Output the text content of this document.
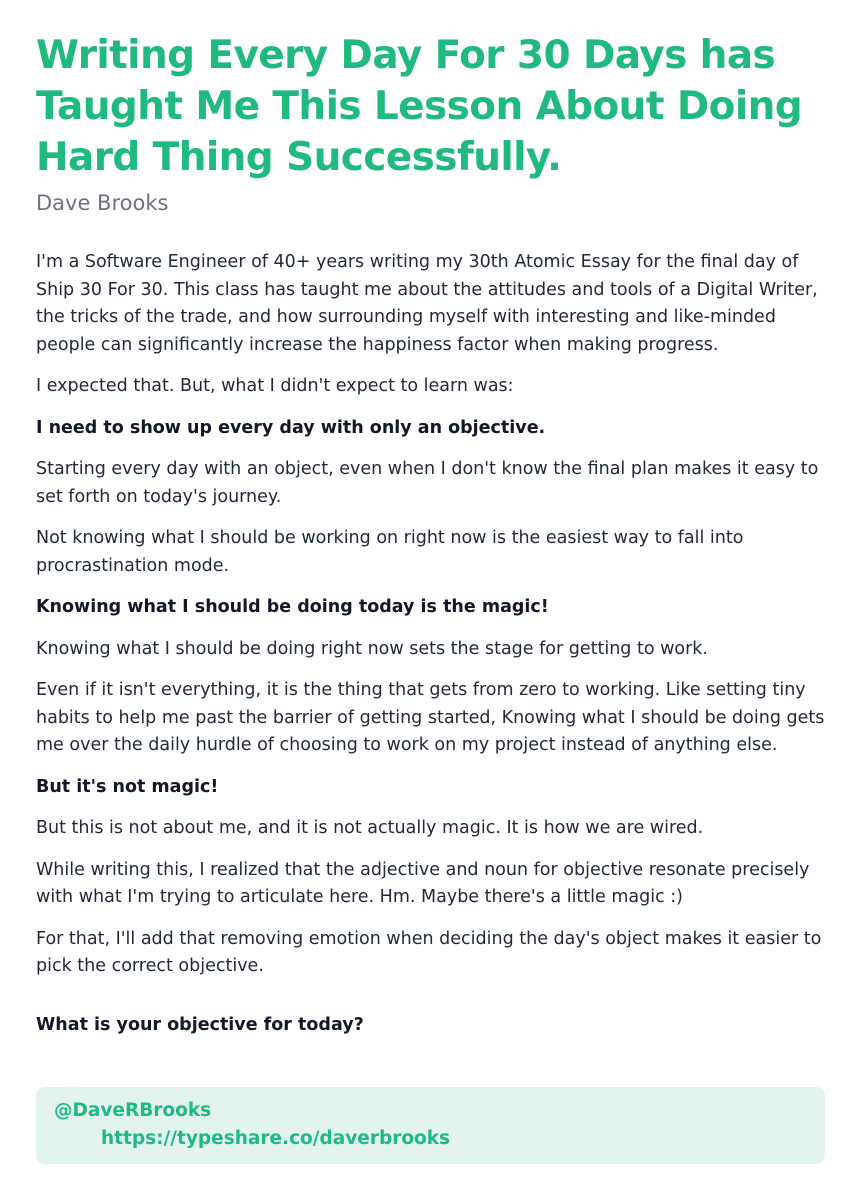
Writing Every Day For 30 Days has Taught Me This Lesson About Doing Hard Thing Successfully.
Dave Brooks

I'm a Software Engineer of 40+ years writing my 30th Atomic Essay for the final day of Ship 30 For 30. This class has taught me about the attitudes and tools of a Digital Writer, the tricks of the trade, and how surrounding myself with interesting and like-minded people can significantly increase the happiness factor when making progress.

I expected that. But, what I didn't expect to learn was:

I need to show up every day with only an objective.

Starting every day with an object, even when I don't know the final plan makes it easy to set forth on today's journey.

Not knowing what I should be working on right now is the easiest way to fall into procrastination mode.

Knowing what I should be doing today is the magic!

Knowing what I should be doing right now sets the stage for getting to work.

Even if it isn't everything, it is the thing that gets from zero to working. Like setting tiny habits to help me past the barrier of getting started, Knowing what I should be doing gets me over the daily hurdle of choosing to work on my project instead of anything else.

But it's not magic!

But this is not about me, and it is not actually magic. It is how we are wired.

While writing this, I realized that the adjective and noun for objective resonate precisely with what I'm trying to articulate here. Hm. Maybe there's a little magic :)

For that, I'll add that removing emotion when deciding the day's object makes it easier to pick the correct objective.

What is your objective for today?

@DaveRBrooks
https://typeshare.co/daverbrooks
